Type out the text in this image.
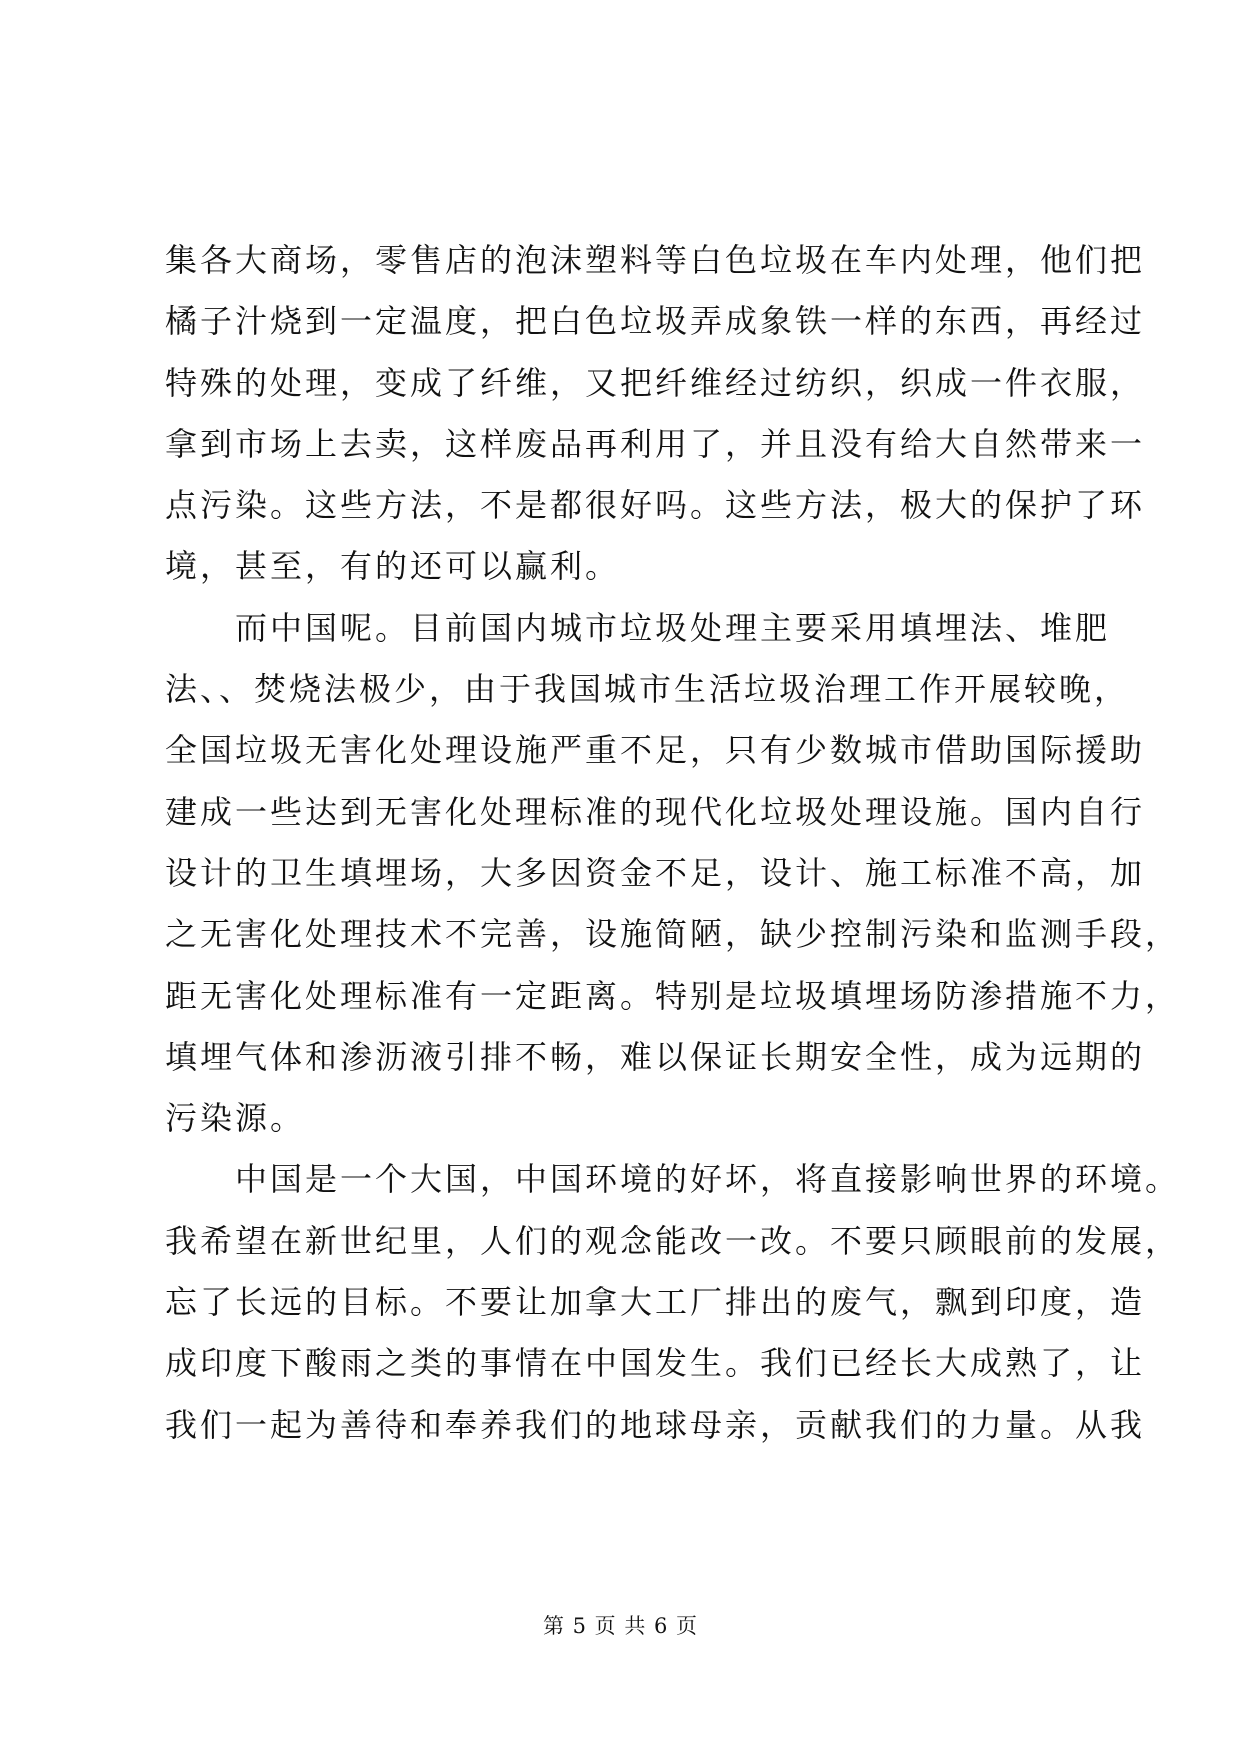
集各大商场，零售店的泡沫塑料等白色垃圾在车内处理，他们把
橘子汁烧到一定温度，把白色垃圾弄成象铁一样的东西，再经过
特殊的处理，变成了纤维，又把纤维经过纺织，织成一件衣服，
拿到市场上去卖，这样废品再利用了，并且没有给大自然带来一
点污染。这些方法，不是都很好吗。这些方法，极大的保护了环
境，甚至，有的还可以赢利。
而中国呢。目前国内城市垃圾处理主要采用填埋法、堆肥
法、、焚烧法极少，由于我国城市生活垃圾治理工作开展较晚，
全国垃圾无害化处理设施严重不足，只有少数城市借助国际援助
建成一些达到无害化处理标准的现代化垃圾处理设施。国内自行
设计的卫生填埋场，大多因资金不足，设计、施工标准不高，加
之无害化处理技术不完善，设施简陋，缺少控制污染和监测手段，
距无害化处理标准有一定距离。特别是垃圾填埋场防渗措施不力，
填埋气体和渗沥液引排不畅，难以保证长期安全性，成为远期的
污染源。
中国是一个大国，中国环境的好坏，将直接影响世界的环境。
我希望在新世纪里，人们的观念能改一改。不要只顾眼前的发展，
忘了长远的目标。不要让加拿大工厂排出的废气，飘到印度，造
成印度下酸雨之类的事情在中国发生。我们已经长大成熟了，让
我们一起为善待和奉养我们的地球母亲，贡献我们的力量。从我
第 5 页 共 6 页
